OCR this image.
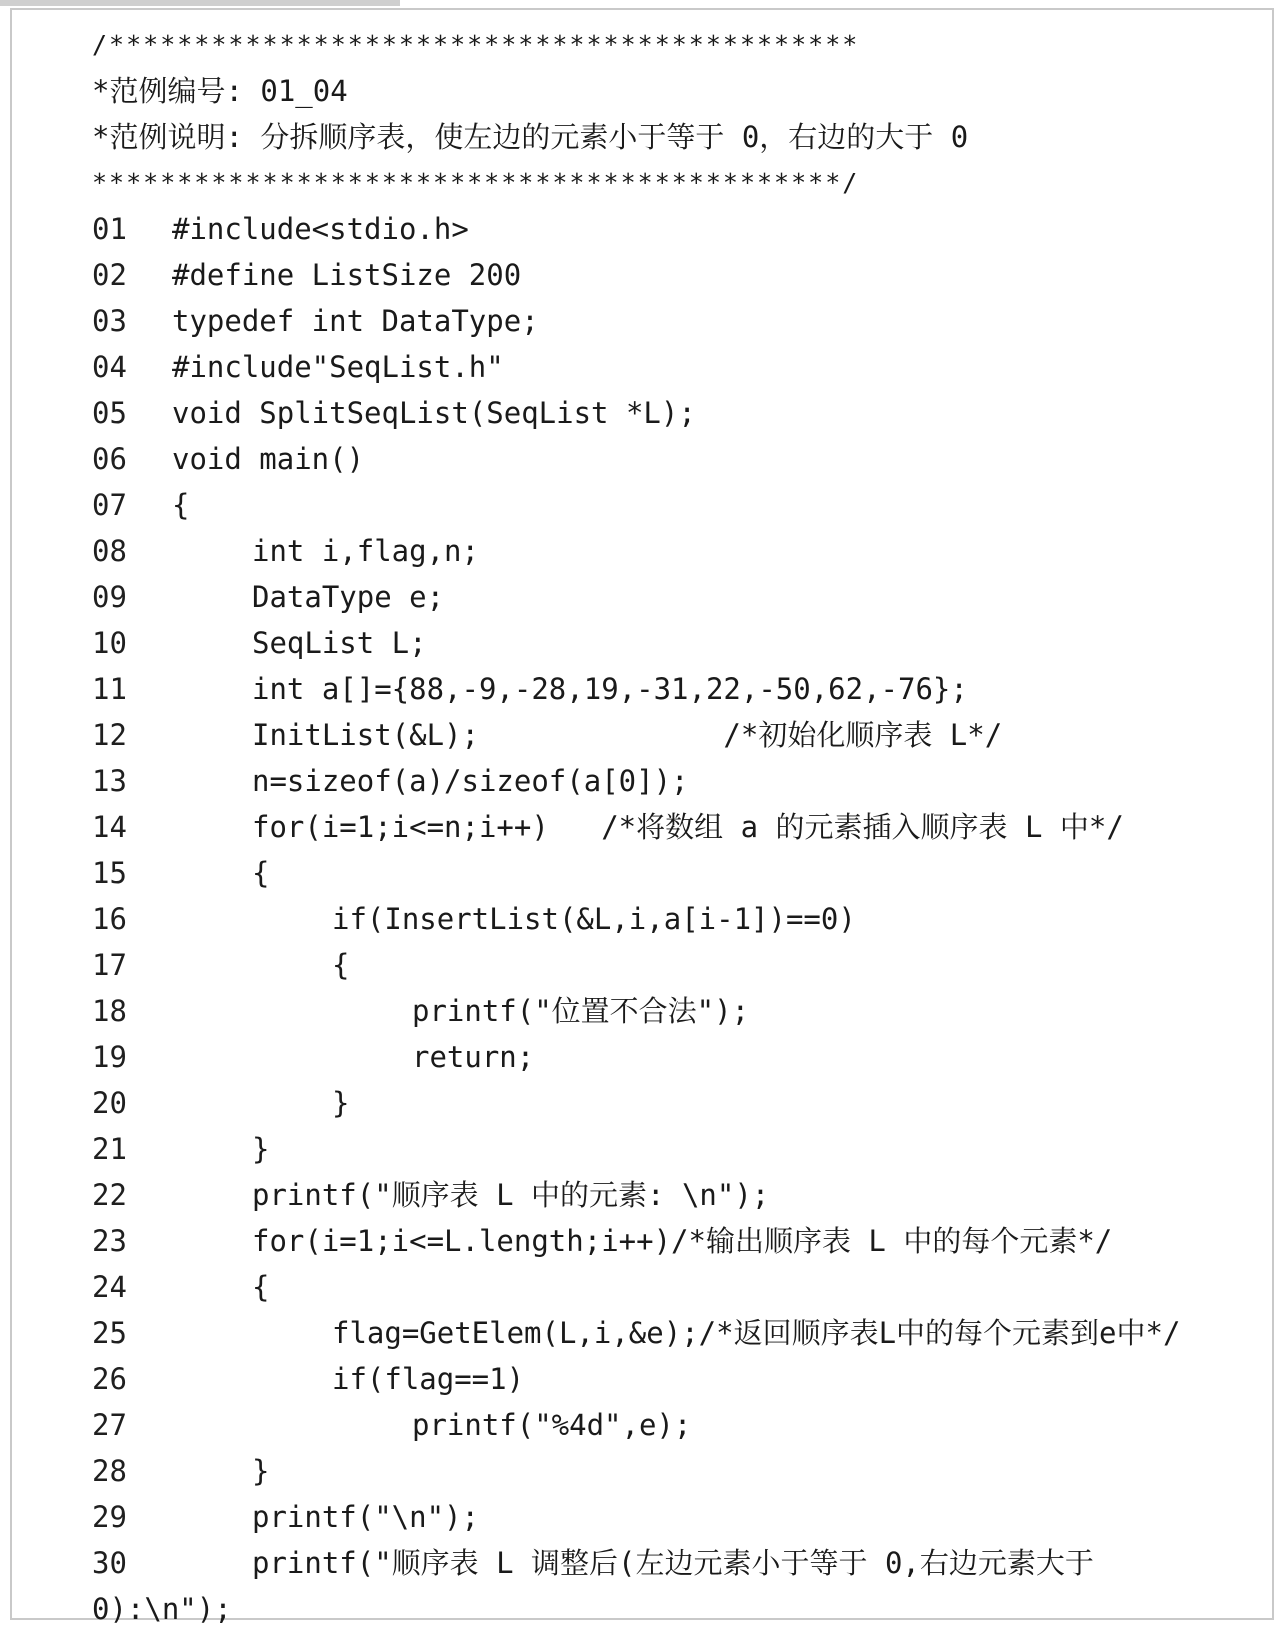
/********************************************

*范例编号: 01_04

*范例说明: 分拆顺序表，使左边的元素小于等于 0，右边的大于 0

********************************************/

01	#include<stdio.h>
02	#define ListSize 200
03	typedef int DataType;
04	#include"SeqList.h"
05	void SplitSeqList(SeqList *L);
06	void main()
07	{
08	int i,flag,n;
09	DataType e;
10	SeqList L;
11	int a[]={88,-9,-28,19,-31,22,-50,62,-76};
12	InitList(&L);              /*初始化顺序表 L*/
13	n=sizeof(a)/sizeof(a[0]);
14	for(i=1;i<=n;i++)   /*将数组 a 的元素插入顺序表 L 中*/
15	{
16	if(InsertList(&L,i,a[i-1])==0)
17	{
18	printf("位置不合法");
19	return;
20	}
21	}
22	printf("顺序表 L 中的元素: \n");
23	for(i=1;i<=L.length;i++)/*输出顺序表 L 中的每个元素*/
24	{
25	flag=GetElem(L,i,&e);/*返回顺序表L中的每个元素到e中*/
26	if(flag==1)
27	printf("%4d",e);
28	}
29	printf("\n");
30	printf("顺序表 L 调整后(左边元素小于等于 0,右边元素大于
0):\n");
